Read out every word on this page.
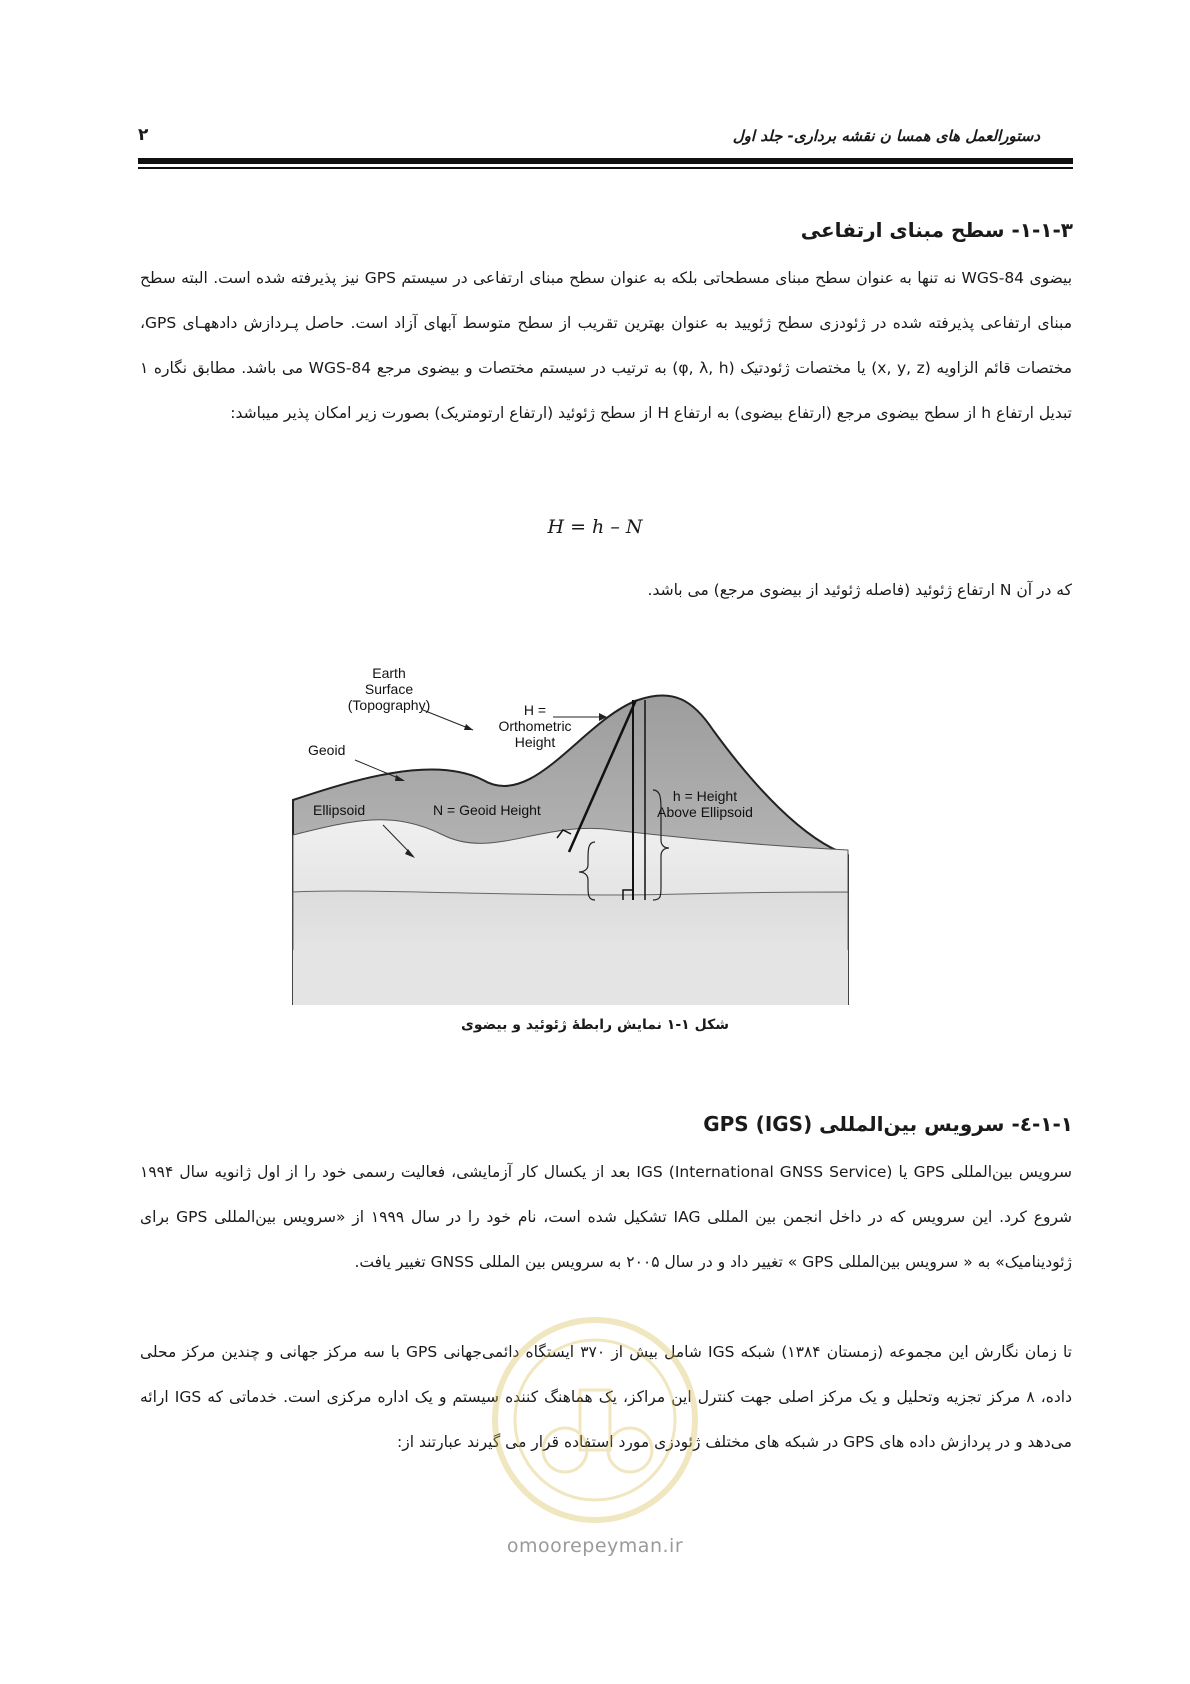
دستورالعمل های همسا ن نقشه برداری- جلد اول
۲
۱-۱-۳- سطح مبنای ارتفاعی
بیضوی WGS-84 نه تنها به عنوان سطح مبنای مسطحاتی بلکه به عنوان سطح مبنای ارتفاعی در سیستم GPS نیز پذیرفته شده است. البته سطح مبنای ارتفاعی پذیرفته شده در ژئودزی سطح ژئویید به عنوان بهترین تقریب از سطح متوسط آبهای آزاد است. حاصل پـردازش دادههـای GPS، مختصات قائم الزاویه (x, y, z) یا مختصات ژئودتیک (φ, λ, h) به ترتیب در سیستم مختصات و بیضوی مرجع WGS-84 می باشد. مطابق نگاره ۱ تبدیل ارتفاع h از سطح بیضوی مرجع (ارتفاع بیضوی) به ارتفاع H از سطح ژئوئید (ارتفاع ارتومتریک) بصورت زیر امکان پذیر میباشد:
H = h – N
که در آن N ارتفاع ژئوئید (فاصله ژئوئید از بیضوی مرجع) می باشد.
Earth
Surface
(Topography)
Geoid
Ellipsoid
H =
Orthometric
Height
N = Geoid Height
h = Height
Above Ellipsoid
شکل ۱-۱ نمایش رابطهٔ ژئوئید و بیضوی
۱-۱-٤- سرویس بین‌المللی GPS (IGS)
سرویس بین‌المللی GPS یا IGS (International GNSS Service) بعد از یکسال کار آزمایشی، فعالیت رسمی خود را از اول ژانویه سال ۱۹۹۴ شروع کرد. این سرویس که در داخل انجمن بین المللی IAG تشکیل شده است، نام خود را در سال ۱۹۹۹ از «سرویس بین‌المللی GPS برای ژئودینامیک» به « سرویس بین‌المللی GPS » تغییر داد و در سال ۲۰۰۵ به سرویس بین المللی GNSS تغییر یافت.
تا زمان نگارش این مجموعه (زمستان ۱۳۸۴) شبکه IGS شامل بیش از ۳۷۰ ایستگاه دائمی‌جهانی GPS با سه مرکز جهانی و چندین مرکز محلی داده، ۸ مرکز تجزیه وتحلیل و یک مرکز اصلی جهت کنترل این مراکز، یک هماهنگ کننده سیستم و یک اداره مرکزی است. خدماتی که IGS ارائه می‌دهد و در پردازش داده های GPS در شبکه های مختلف ژئودزی مورد استفاده قرار می گیرند عبارتند از:
omoorepeyman.ir
